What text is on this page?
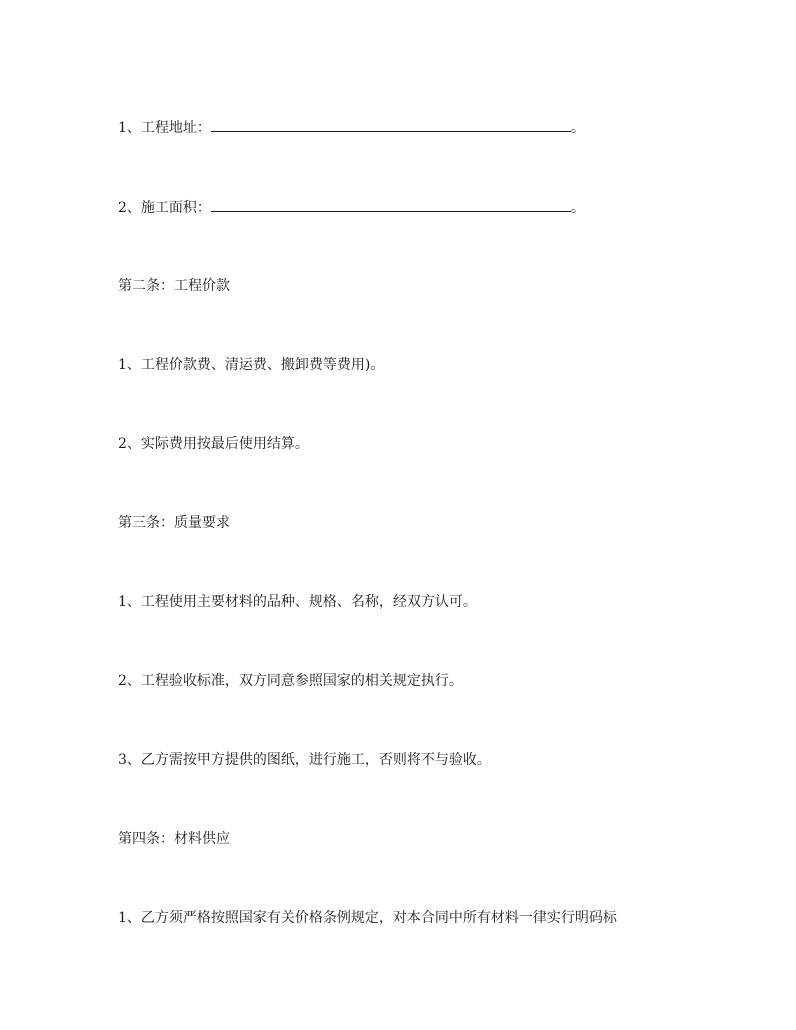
1、工程地址：	。
2、施工面积：	。
第二条：工程价款
1、工程价款费、清运费、搬卸费等费用)。
2、实际费用按最后使用结算。
第三条：质量要求
1、工程使用主要材料的品种、规格、名称，经双方认可。
2、工程验收标准，双方同意参照国家的相关规定执行。
3、乙方需按甲方提供的图纸，进行施工，否则将不与验收。
第四条：材料供应
1、乙方须严格按照国家有关价格条例规定，对本合同中所有材料一律实行明码标
